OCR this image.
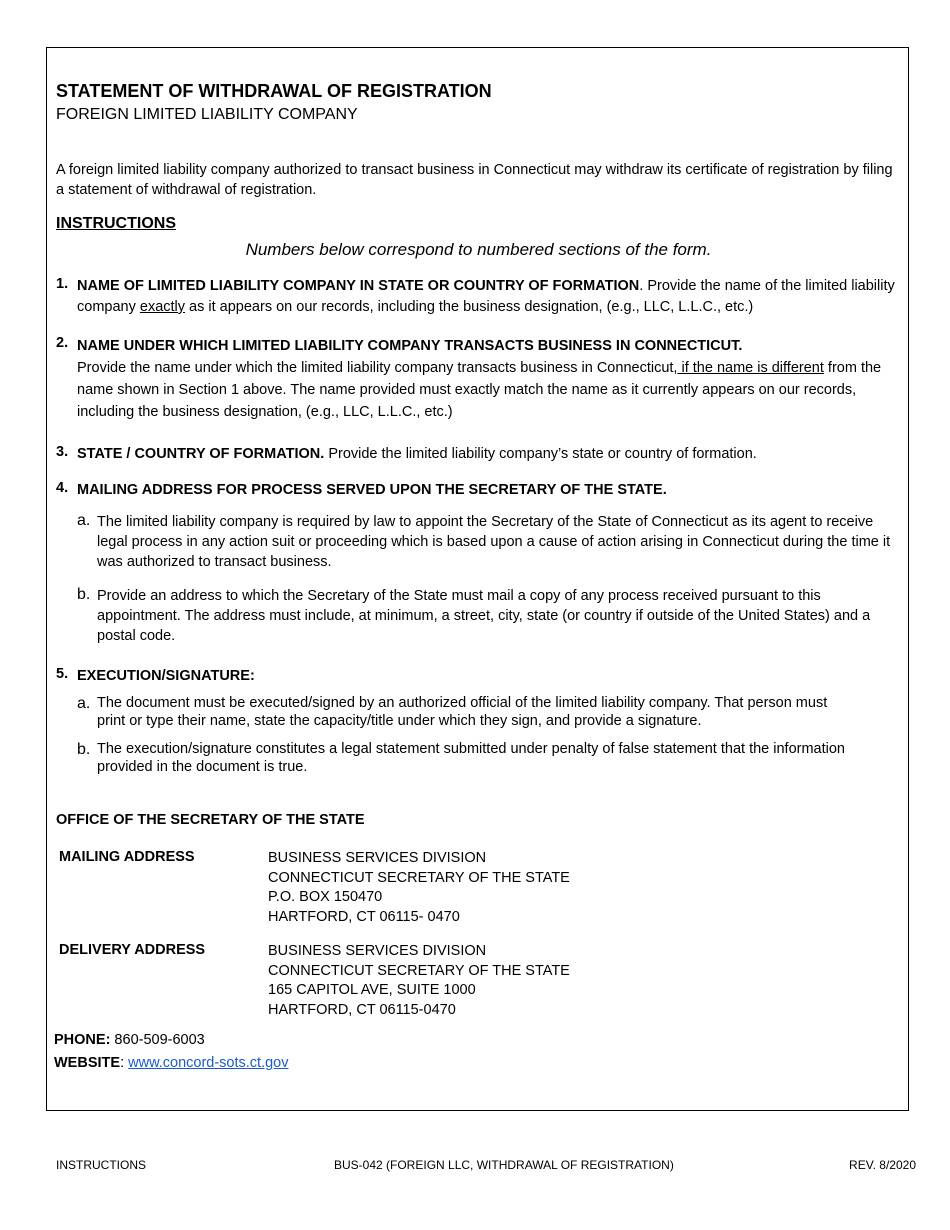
STATEMENT OF WITHDRAWAL OF REGISTRATION
FOREIGN LIMITED LIABILITY COMPANY
A foreign limited liability company authorized to transact business in Connecticut may withdraw its certificate of registration by filing a statement of withdrawal of registration.
INSTRUCTIONS
Numbers below correspond to numbered sections of the form.
1. NAME OF LIMITED LIABILITY COMPANY IN STATE OR COUNTRY OF FORMATION. Provide the name of the limited liability company exactly as it appears on our records, including the business designation, (e.g., LLC, L.L.C., etc.)
2. NAME UNDER WHICH LIMITED LIABILITY COMPANY TRANSACTS BUSINESS IN CONNECTICUT.
Provide the name under which the limited liability company transacts business in Connecticut, if the name is different from the name shown in Section 1 above. The name provided must exactly match the name as it currently appears on our records, including the business designation, (e.g., LLC, L.L.C., etc.)
3. STATE / COUNTRY OF FORMATION. Provide the limited liability company’s state or country of formation.
4. MAILING ADDRESS FOR PROCESS SERVED UPON THE SECRETARY OF THE STATE.
a. The limited liability company is required by law to appoint the Secretary of the State of Connecticut as its agent to receive legal process in any action suit or proceeding which is based upon a cause of action arising in Connecticut during the time it was authorized to transact business.
b. Provide an address to which the Secretary of the State must mail a copy of any process received pursuant to this appointment. The address must include, at minimum, a street, city, state (or country if outside of the United States) and a postal code.
5. EXECUTION/SIGNATURE:
a. The document must be executed/signed by an authorized official of the limited liability company. That person must print or type their name, state the capacity/title under which they sign, and provide a signature.
b. The execution/signature constitutes a legal statement submitted under penalty of false statement that the information provided in the document is true.
OFFICE OF THE SECRETARY OF THE STATE
MAILING ADDRESS	BUSINESS SERVICES DIVISION
CONNECTICUT SECRETARY OF THE STATE
P.O. BOX 150470
HARTFORD, CT 06115- 0470
DELIVERY ADDRESS	BUSINESS SERVICES DIVISION
CONNECTICUT SECRETARY OF THE STATE
165 CAPITOL AVE, SUITE 1000
HARTFORD, CT 06115-0470
PHONE: 860-509-6003
WEBSITE: www.concord-sots.ct.gov
INSTRUCTIONS	BUS-042 (FOREIGN LLC, WITHDRAWAL OF REGISTRATION)	REV. 8/2020
